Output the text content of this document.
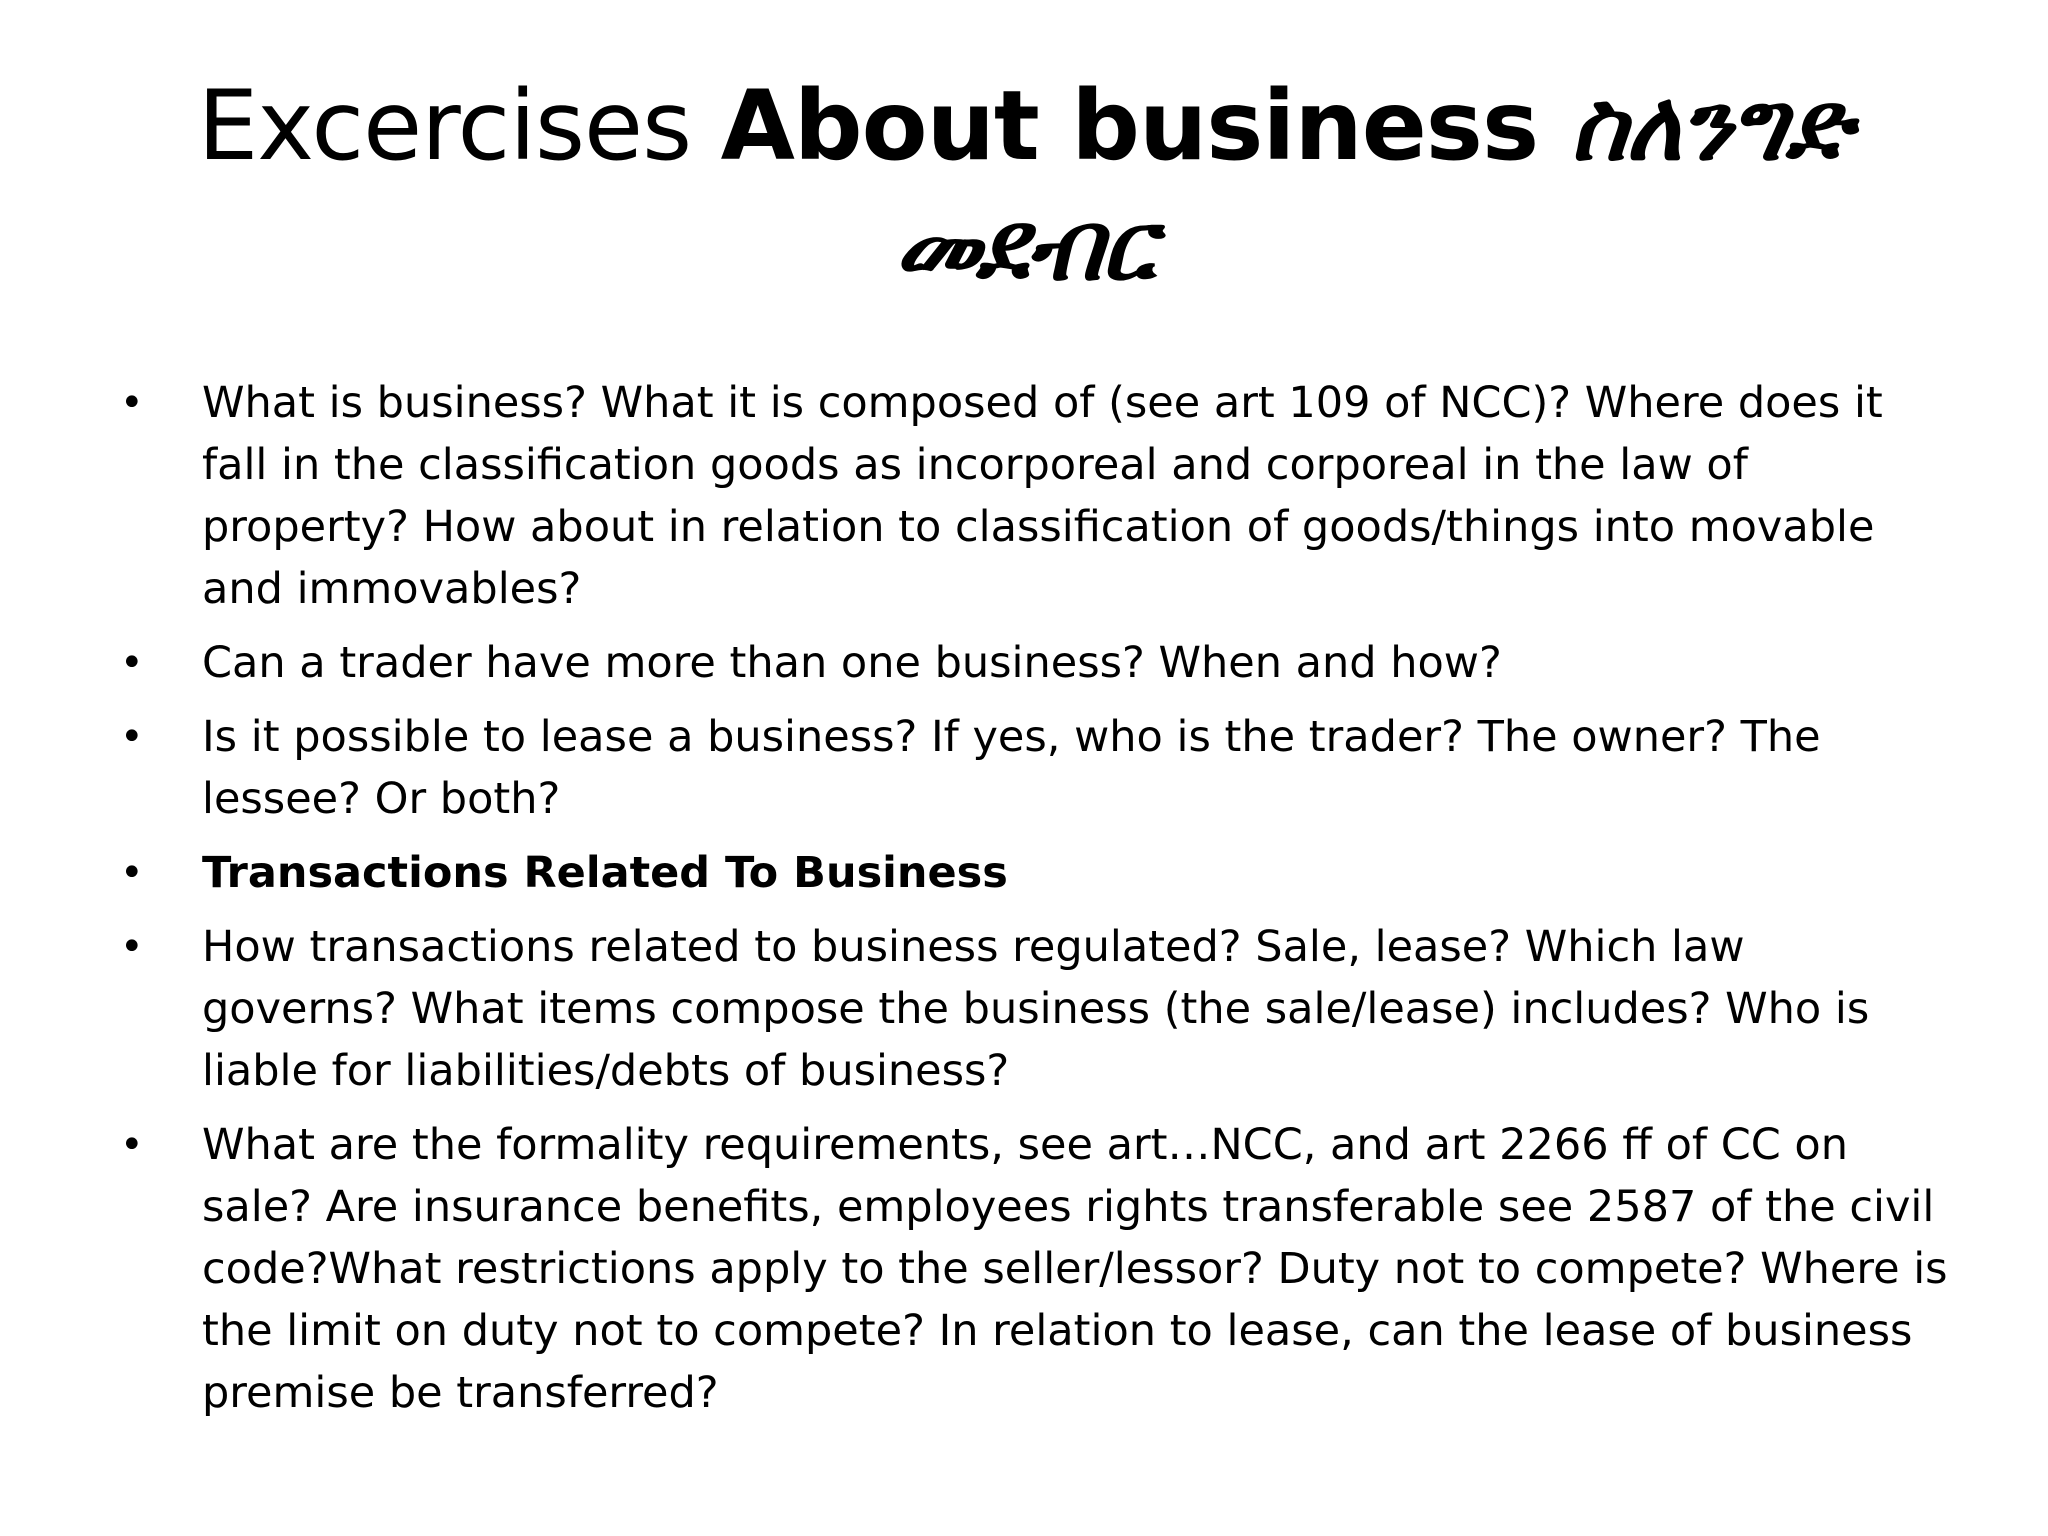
Excercises About business ስለንግድ መደብር
• What is business? What it is composed of (see art 109 of NCC)? Where does it fall in the classification goods as incorporeal and corporeal in the law of property? How about in relation to classification of goods/things into movable and immovables?
• Can a trader have more than one business? When and how?
• Is it possible to lease a business? If yes, who is the trader? The owner? The lessee? Or both?
• Transactions Related To Business
• How transactions related to business regulated? Sale, lease? Which law governs? What items compose the business (the sale/lease) includes? Who is liable for liabilities/debts of business?
• What are the formality requirements, see art…NCC, and art 2266 ff of CC on sale? Are insurance benefits, employees rights transferable see 2587 of the civil code?What restrictions apply to the seller/lessor? Duty not to compete? Where is the limit on duty not to compete? In relation to lease, can the lease of business premise be transferred?
